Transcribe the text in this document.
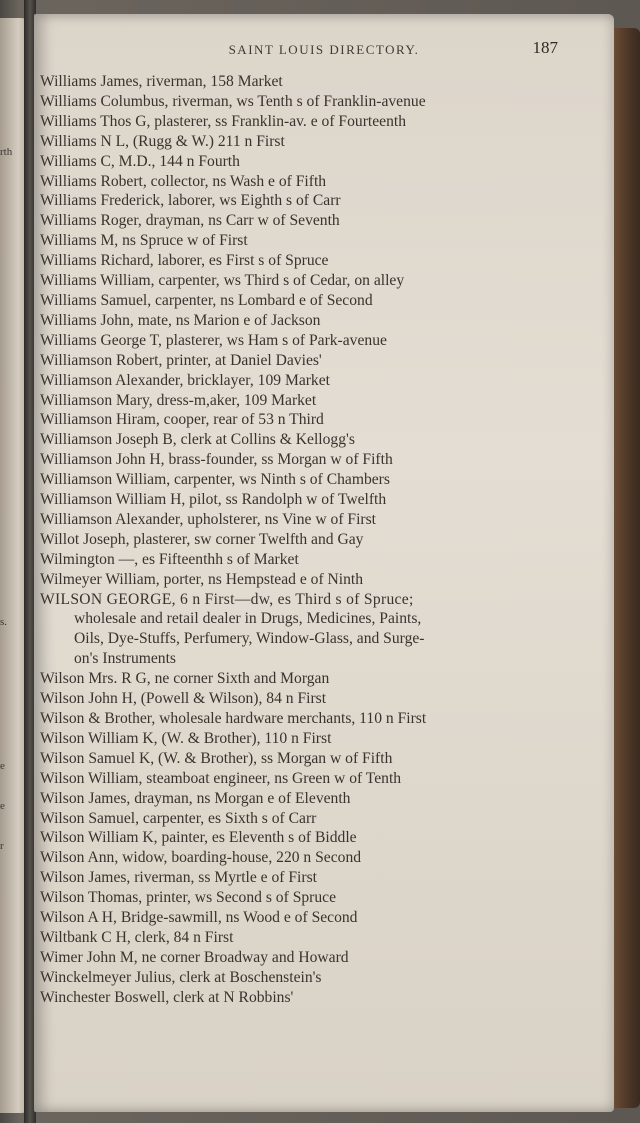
rth
s.
e
e
r
SAINT LOUIS DIRECTORY.	187
Williams James, riverman, 158 Market
Williams Columbus, riverman, ws Tenth s of Franklin-avenue
Williams Thos G, plasterer, ss Franklin-av. e of Fourteenth
Williams N L, (Rugg & W.) 211 n First
Williams C, M.D., 144 n Fourth
Williams Robert, collector, ns Wash e of Fifth
Williams Frederick, laborer, ws Eighth s of Carr
Williams Roger, drayman, ns Carr w of Seventh
Williams M, ns Spruce w of First
Williams Richard, laborer, es First s of Spruce
Williams William, carpenter, ws Third s of Cedar, on alley
Williams Samuel, carpenter, ns Lombard e of Second
Williams John, mate, ns Marion e of Jackson
Williams George T, plasterer, ws Ham s of Park-avenue
Williamson Robert, printer, at Daniel Davies'
Williamson Alexander, bricklayer, 109 Market
Williamson Mary, dress-m,aker, 109 Market
Williamson Hiram, cooper, rear of 53 n Third
Williamson Joseph B, clerk at Collins & Kellogg's
Williamson John H, brass-founder, ss Morgan w of Fifth
Williamson William, carpenter, ws Ninth s of Chambers
Williamson William H, pilot, ss Randolph w of Twelfth
Williamson Alexander, upholsterer, ns Vine w of First
Willot Joseph, plasterer, sw corner Twelfth and Gay
Wilmington —, es Fifteenthh s of Market
Wilmeyer William, porter, ns Hempstead e of Ninth
WILSON GEORGE, 6 n First—dw, es Third s of Spruce;
wholesale and retail dealer in Drugs, Medicines, Paints,
Oils, Dye-Stuffs, Perfumery, Window-Glass, and Surge-
on's Instruments
Wilson Mrs. R G, ne corner Sixth and Morgan
Wilson John H, (Powell & Wilson), 84 n First
Wilson & Brother, wholesale hardware merchants, 110 n First
Wilson William K, (W. & Brother), 110 n First
Wilson Samuel K, (W. & Brother), ss Morgan w of Fifth
Wilson William, steamboat engineer, ns Green w of Tenth
Wilson James, drayman, ns Morgan e of Eleventh
Wilson Samuel, carpenter, es Sixth s of Carr
Wilson William K, painter, es Eleventh s of Biddle
Wilson Ann, widow, boarding-house, 220 n Second
Wilson James, riverman, ss Myrtle e of First
Wilson Thomas, printer, ws Second s of Spruce
Wilson A H, Bridge-sawmill, ns Wood e of Second
Wiltbank C H, clerk, 84 n First
Wimer John M, ne corner Broadway and Howard
Winckelmeyer Julius, clerk at Boschenstein's
Winchester Boswell, clerk at N Robbins'
